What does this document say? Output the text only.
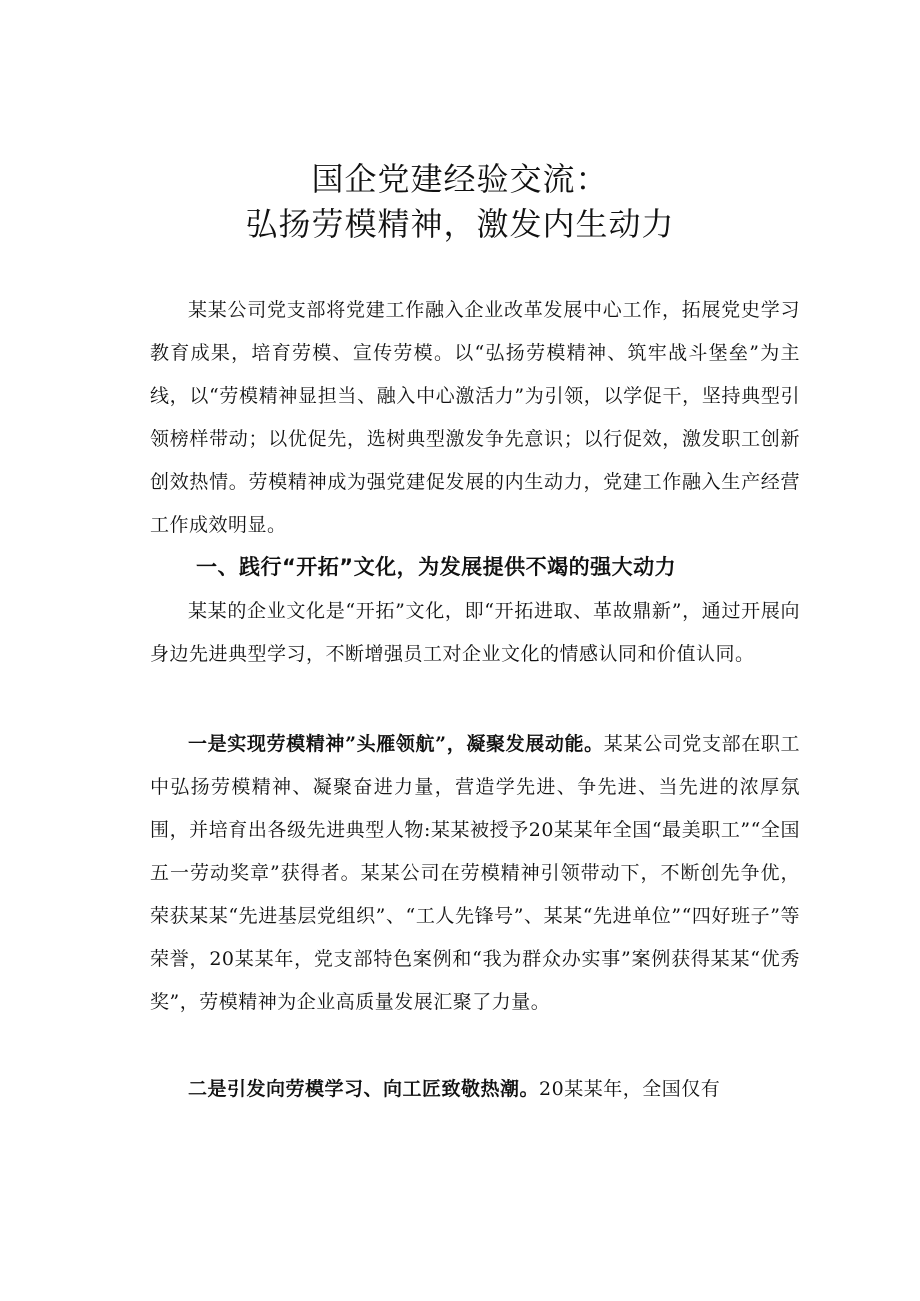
国企党建经验交流：
弘扬劳模精神，激发内生动力

某某公司党支部将党建工作融入企业改革发展中心工作，拓展党史学习教育成果，培育劳模、宣传劳模。以“弘扬劳模精神、筑牢战斗堡垒”为主线，以“劳模精神显担当、融入中心激活力”为引领，以学促干，坚持典型引领榜样带动；以优促先，选树典型激发争先意识；以行促效，激发职工创新创效热情。劳模精神成为强党建促发展的内生动力，党建工作融入生产经营工作成效明显。

一、践行“开拓”文化，为发展提供不竭的强大动力

某某的企业文化是“开拓”文化，即“开拓进取、革故鼎新”，通过开展向身边先进典型学习，不断增强员工对企业文化的情感认同和价值认同。

一是实现劳模精神”头雁领航”，凝聚发展动能。某某公司党支部在职工中弘扬劳模精神、凝聚奋进力量，营造学先进、争先进、当先进的浓厚氛围，并培育出各级先进典型人物:某某被授予20某某年全国“最美职工”“全国五一劳动奖章”获得者。某某公司在劳模精神引领带动下，不断创先争优，荣获某某“先进基层党组织”、“工人先锋号”、某某“先进单位”“四好班子”等荣誉，20某某年，党支部特色案例和“我为群众办实事”案例获得某某“优秀奖”，劳模精神为企业高质量发展汇聚了力量。

二是引发向劳模学习、向工匠致敬热潮。20某某年，全国仅有
